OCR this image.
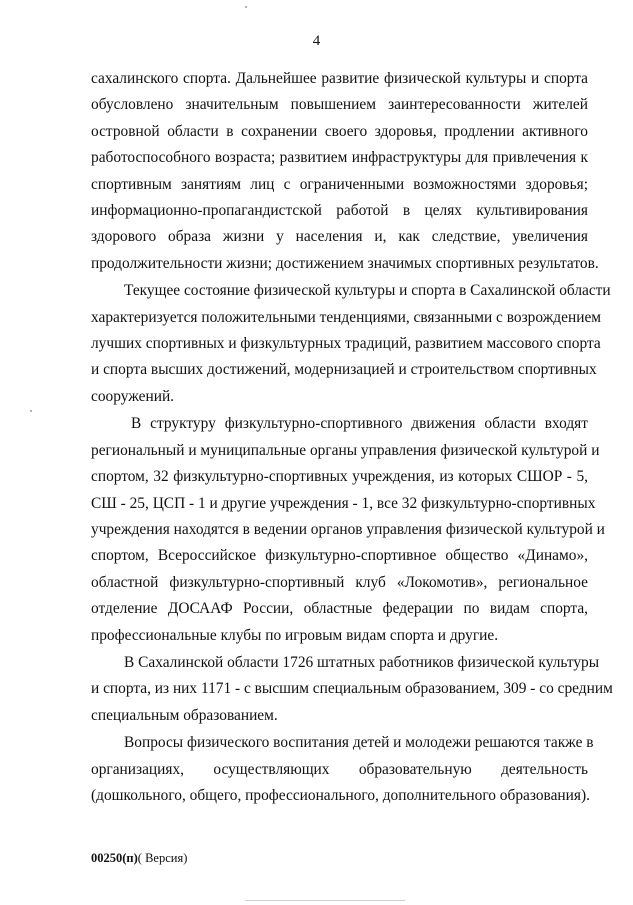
4
сахалинского спорта. Дальнейшее развитие физической культуры и спорта
обусловлено значительным повышением заинтересованности жителей
островной области в сохранении своего здоровья, продлении активного
работоспособного возраста; развитием инфраструктуры для привлечения к
спортивным занятиям лиц с ограниченными возможностями здоровья;
информационно-пропагандистской работой в целях культивирования
здорового образа жизни у населения и, как следствие, увеличения
продолжительности жизни; достижением значимых спортивных результатов.
Текущее состояние физической культуры и спорта в Сахалинской области
характеризуется положительными тенденциями, связанными с возрождением
лучших спортивных и физкультурных традиций, развитием массового спорта
и спорта высших достижений, модернизацией и строительством спортивных
сооружений.
В структуру физкультурно-спортивного движения области входят
региональный и муниципальные органы управления физической культурой и
спортом, 32 физкультурно-спортивных учреждения, из которых СШОР - 5,
СШ - 25, ЦСП - 1 и другие учреждения - 1, все 32 физкультурно-спортивных
учреждения находятся в ведении органов управления физической культурой и
спортом, Всероссийское физкультурно-спортивное общество «Динамо»,
областной физкультурно-спортивный клуб «Локомотив», региональное
отделение ДОСААФ России, областные федерации по видам спорта,
профессиональные клубы по игровым видам спорта и другие.
В Сахалинской области 1726 штатных работников физической культуры
и спорта, из них 1171 - с высшим специальным образованием, 309 - со средним
специальным образованием.
Вопросы физического воспитания детей и молодежи решаются также в
организациях, осуществляющих образовательную деятельность
(дошкольного, общего, профессионального, дополнительного образования).
00250(п)( Версия)
